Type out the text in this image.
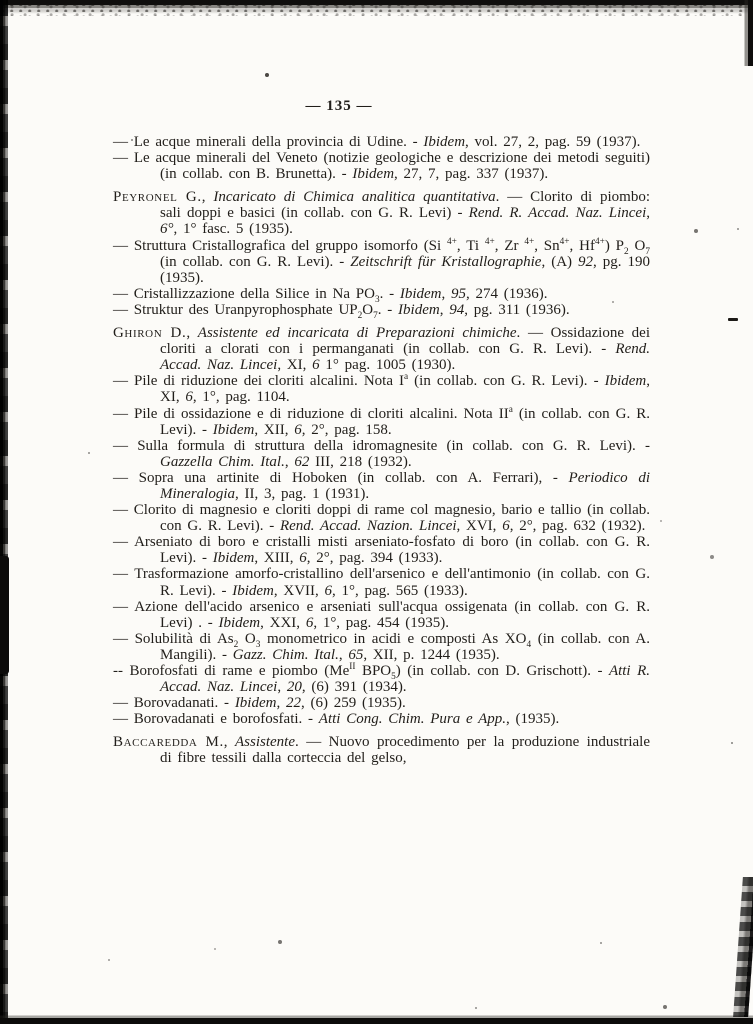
— 135 —

— Le acque minerali della provincia di Udine. - Ibidem, vol. 27, 2, pag. 59 (1937).

— Le acque minerali del Veneto (notizie geologiche e descrizione dei metodi seguiti) (in collab. con B. Brunetta). - Ibidem, 27, 7, pag. 337 (1937).

Peyronel G., Incaricato di Chimica analitica quantitativa. — Clorito di piombo: sali doppi e basici (in collab. con G. R. Levi) - Rend. R. Accad. Naz. Lincei, 6°, 1° fasc. 5 (1935).

— Struttura Cristallografica del gruppo isomorfo (Si $^{4+}$, Ti $^{4+}$, Zr $^{4+}$, $Sn^{4+}$, $Hf^{4+}$) $P_2$ $O_7$ (in collab. con G. R. Levi). - Zeitschrift für Kristallographie, (A) 92, pg. 190 (1935).

— Cristallizzazione della Silice in Na $PO_3$. - Ibidem, 95, 274 (1936).

— Struktur des Uranpyrophosphate $UP_2O_7$. - Ibidem, 94, pg. 311 (1936).

Ghiron D., Assistente ed incaricata di Preparazioni chimiche. — Ossidazione dei cloriti a clorati con i permanganati (in collab. con G. R. Levi). - Rend. Accad. Naz. Lincei, XI, 6 1° pag. 1005 (1930).

— Pile di riduzione dei cloriti alcalini. Nota $I^a$ (in collab. con G. R. Levi). - Ibidem, XI, 6, 1°, pag. 1104.

— Pile di ossidazione e di riduzione di cloriti alcalini. Nota $II^a$ (in collab. con G. R. Levi). - Ibidem, XII, 6, 2°, pag. 158.

— Sulla formula di struttura della idromagnesite (in collab. con G. R. Levi). - Gazzella Chim. Ital., 62 III, 218 (1932).

— Sopra una artinite di Hoboken (in collab. con A. Ferrari), - Periodico di Mineralogia, II, 3, pag. 1 (1931).

— Clorito di magnesio e cloriti doppi di rame col magnesio, bario e tallio (in collab. con G. R. Levi). - Rend. Accad. Nazion. Lincei, XVI, 6, 2°, pag. 632 (1932).

— Arseniato di boro e cristalli misti arseniato-fosfato di boro (in collab. con G. R. Levi). - Ibidem, XIII, 6, 2°, pag. 394 (1933).

— Trasformazione amorfo-cristallino dell'arsenico e dell'antimonio (in collab. con G. R. Levi). - Ibidem, XVII, 6, 1°, pag. 565 (1933).

— Azione dell'acido arsenico e arseniati sull'acqua ossigenata (in collab. con G. R. Levi) . - Ibidem, XXI, 6, 1°, pag. 454 (1935).

— Solubilità di $As_2$ $O_3$ monometrico in acidi e composti As $XO_4$ (in collab. con A. Mangili). - Gazz. Chim. Ital., 65, XII, p. 1244 (1935).

-- Borofosfati di rame e piombo ($Me^{II}$ $BPO_5$) (in collab. con D. Grischott). - Atti R. Accad. Naz. Lincei, 20, (6) 391 (1934).

— Borovadanati. - Ibidem, 22, (6) 259 (1935).

— Borovadanati e borofosfati. - Atti Cong. Chim. Pura e App., (1935).

Baccaredda M., Assistente. — Nuovo procedimento per la produzione industriale di fibre tessili dalla corteccia del gelso,
